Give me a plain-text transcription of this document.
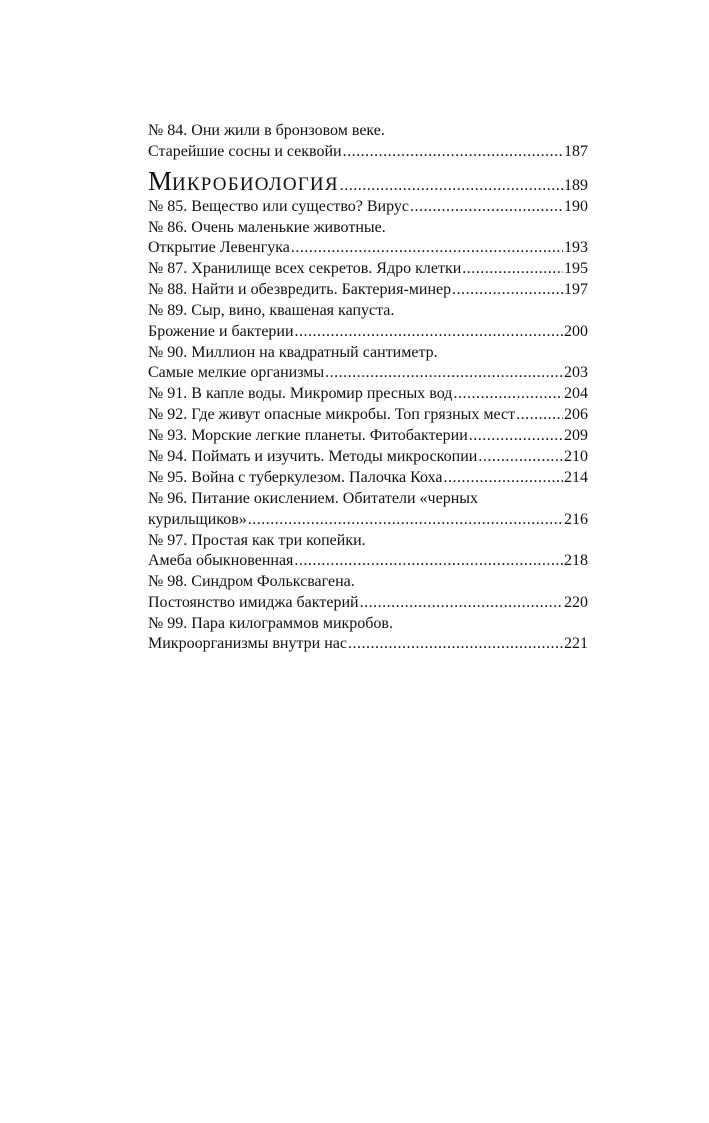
№ 84. Они жили в бронзовом веке.
Старейшие сосны и секвойи .....	187
МИКРОБИОЛОГИЯ .....	189
№ 85. Вещество или существо? Вирус .....	190
№ 86. Очень маленькие животные.
Открытие Левенгука .....	193
№ 87. Хранилище всех секретов. Ядро клетки .....	195
№ 88. Найти и обезвредить. Бактерия-минер .....	197
№ 89. Сыр, вино, квашеная капуста.
Брожение и бактерии .....	200
№ 90. Миллион на квадратный сантиметр.
Самые мелкие организмы .....	203
№ 91. В капле воды. Микромир пресных вод .....	204
№ 92. Где живут опасные микробы. Топ грязных мест .....	206
№ 93. Морские легкие планеты. Фитобактерии .....	209
№ 94. Поймать и изучить. Методы микроскопии .....	210
№ 95. Война с туберкулезом. Палочка Коха .....	214
№ 96. Питание окислением. Обитатели «черных
курильщиков» .....	216
№ 97. Простая как три копейки.
Амеба обыкновенная .....	218
№ 98. Синдром Фольксвагена.
Постоянство имиджа бактерий .....	220
№ 99. Пара килограммов микробов.
Микроорганизмы внутри нас .....	221
